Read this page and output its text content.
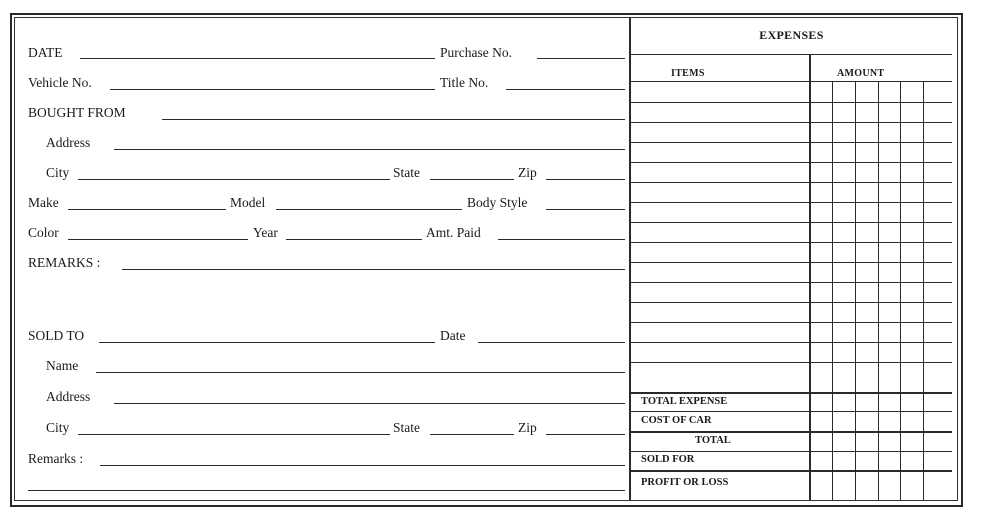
DATE	Purchase No.
Vehicle No.	Title No.
BOUGHT FROM
Address
City	State	Zip
Make	Model	Body Style
Color	Year	Amt. Paid
REMARKS :
SOLD TO	Date
Name
Address
City	State	Zip
Remarks :
EXPENSES
ITEMS	AMOUNT
TOTAL EXPENSE
COST OF CAR
TOTAL
SOLD FOR
PROFIT OR LOSS
